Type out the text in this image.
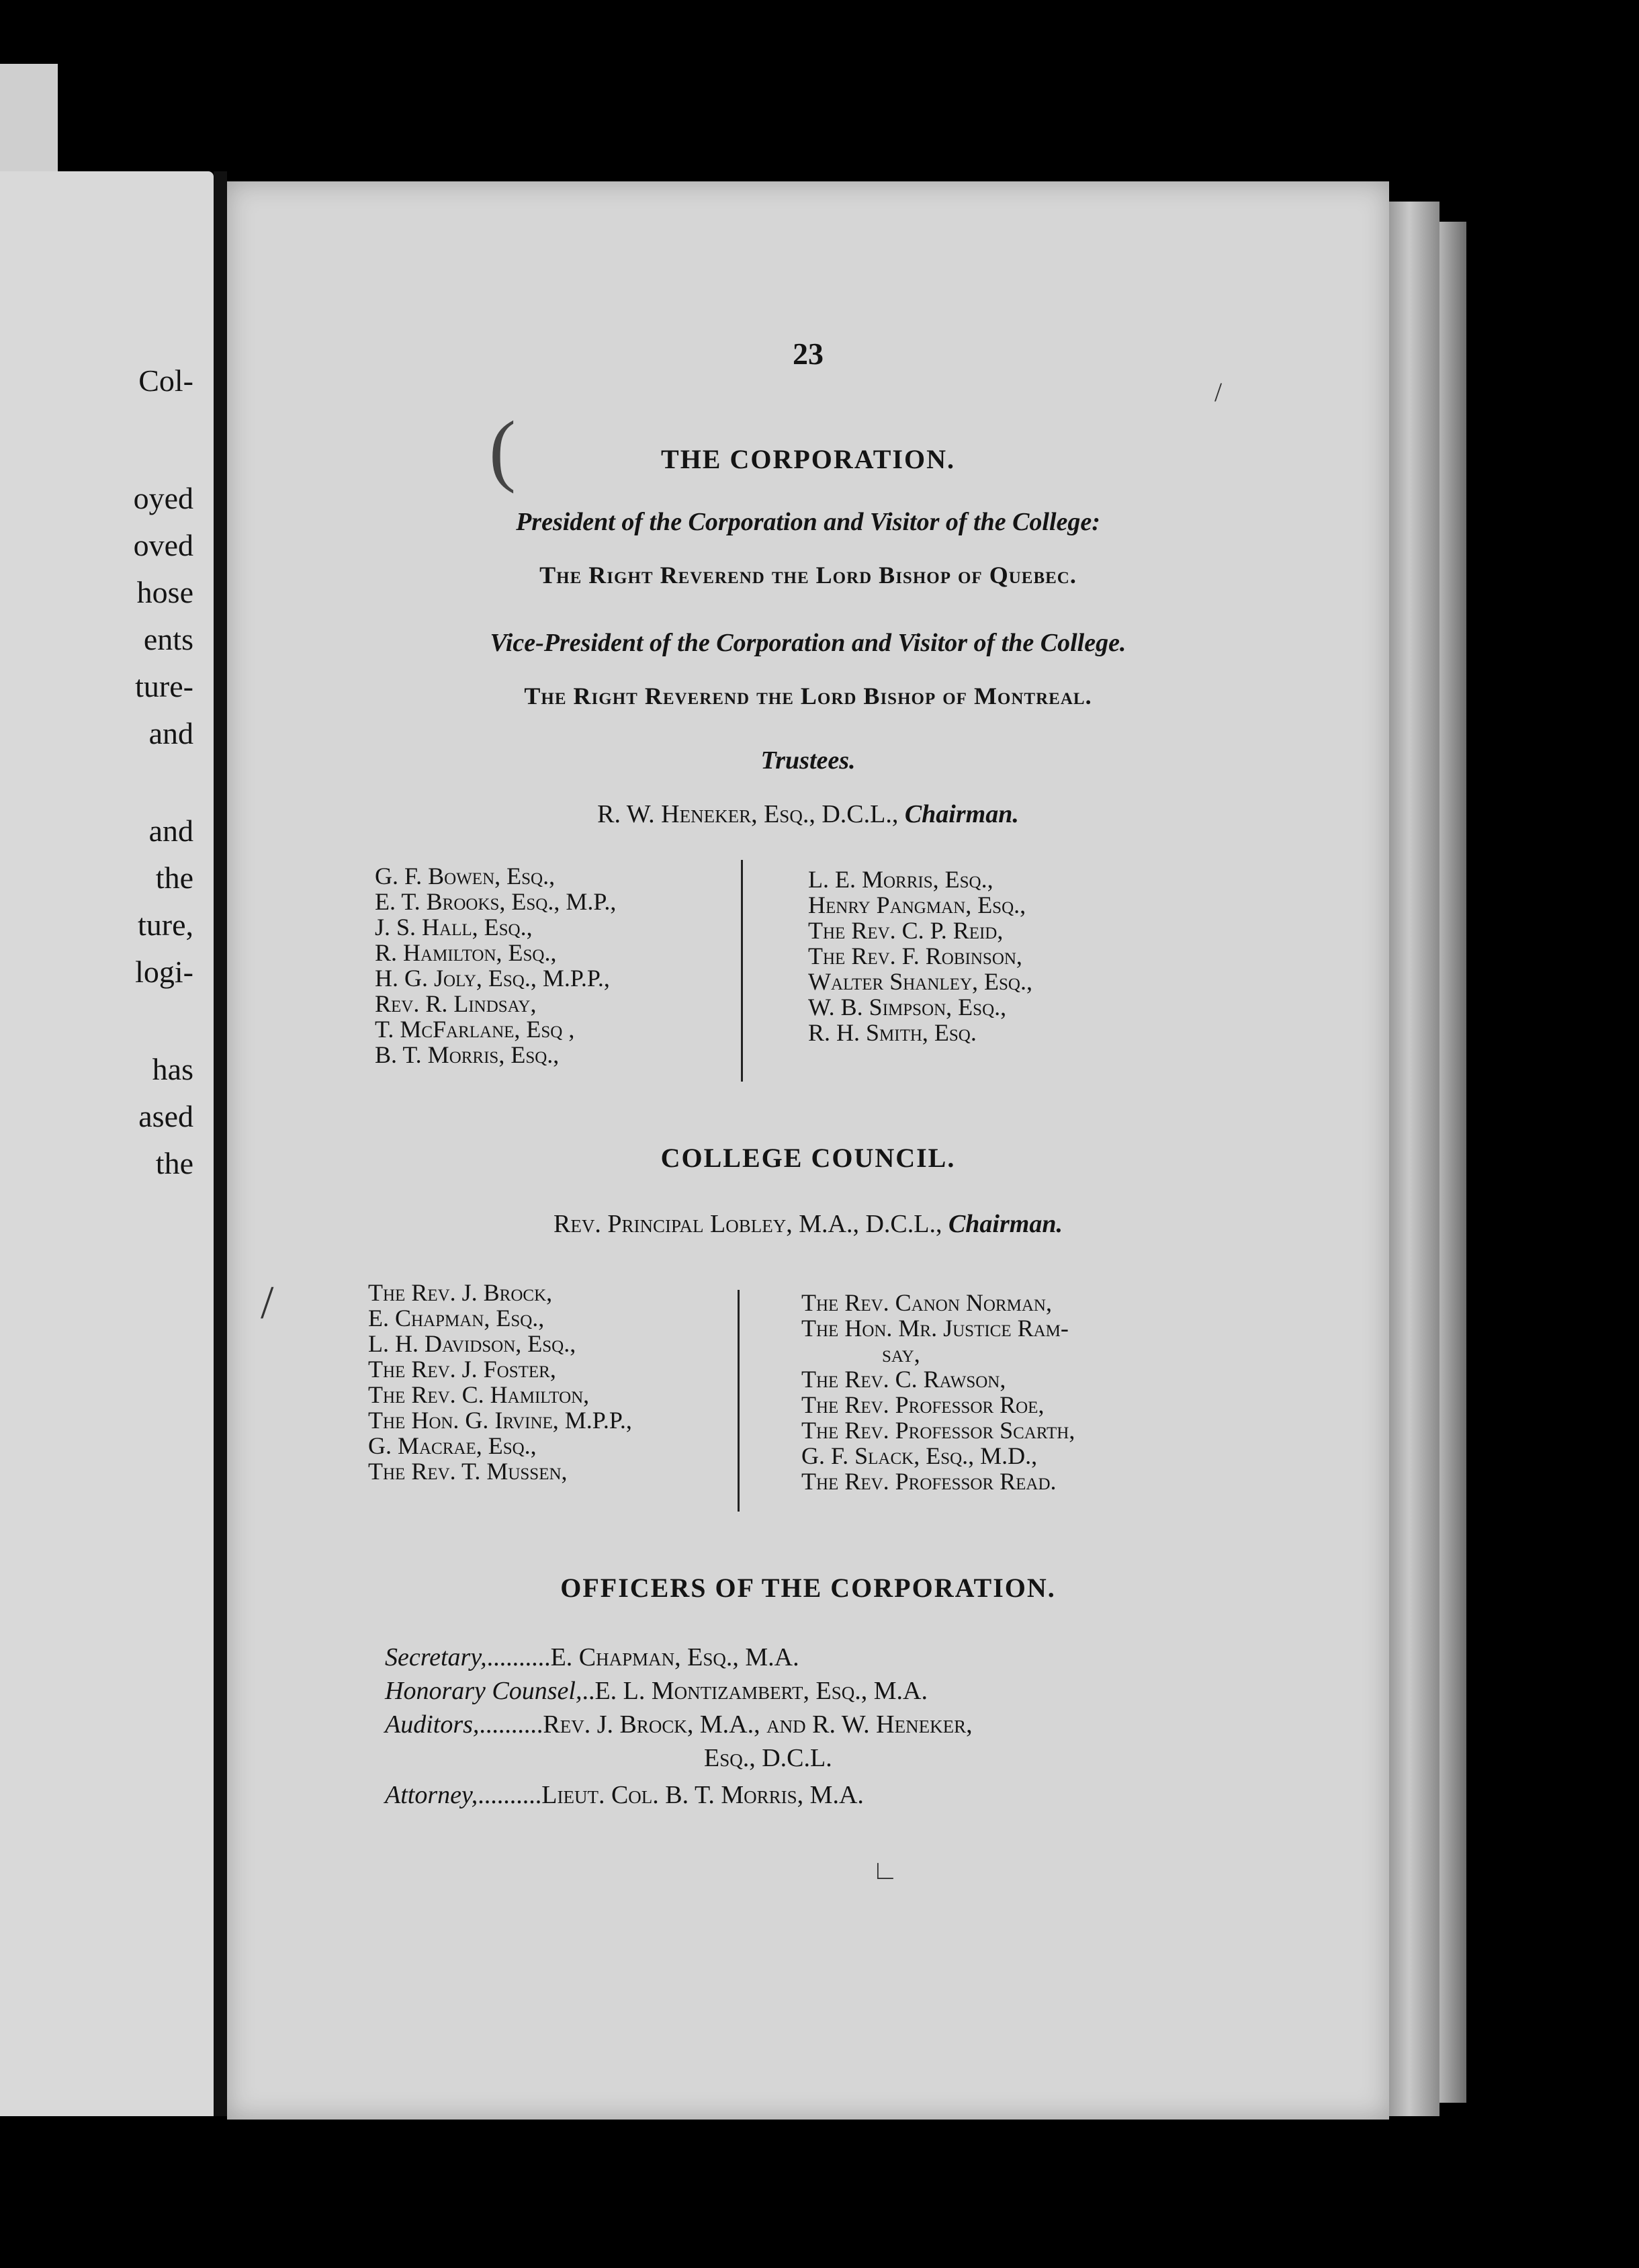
Col-
oyed
oved
hose
ents
ture-
and
and
the
ture,
logi-
has
ased
the
23
THE CORPORATION.
President of the Corporation and Visitor of the College:
The Right Reverend the Lord Bishop of Quebec.
Vice-President of the Corporation and Visitor of the College.
The Right Reverend the Lord Bishop of Montreal.
Trustees.
R. W. Heneker, Esq., D.C.L., Chairman.
G. F. Bowen, Esq.,
E. T. Brooks, Esq., M.P.,
J. S. Hall, Esq.,
R. Hamilton, Esq.,
H. G. Joly, Esq., M.P.P.,
Rev. R. Lindsay,
T. McFarlane, Esq ,
B. T. Morris, Esq.,
L. E. Morris, Esq.,
Henry Pangman, Esq.,
The Rev. C. P. Reid,
The Rev. F. Robinson,
Walter Shanley, Esq.,
W. B. Simpson, Esq.,
R. H. Smith, Esq.
COLLEGE COUNCIL.
Rev. Principal Lobley, M.A., D.C.L., Chairman.
The Rev. J. Brock,
E. Chapman, Esq.,
L. H. Davidson, Esq.,
The Rev. J. Foster,
The Rev. C. Hamilton,
The Hon. G. Irvine, M.P.P.,
G. Macrae, Esq.,
The Rev. T. Mussen,
The Rev. Canon Norman,
The Hon. Mr. Justice Ram-
say,
The Rev. C. Rawson,
The Rev. Professor Roe,
The Rev. Professor Scarth,
G. F. Slack, Esq., M.D.,
The Rev. Professor Read.
OFFICERS OF THE CORPORATION.
Secretary,..........E. Chapman, Esq., M.A.
Honorary Counsel,..E. L. Montizambert, Esq., M.A.
Auditors,..........Rev. J. Brock, M.A., and R. W. Heneker,
Esq., D.C.L.
Attorney,..........Lieut. Col. B. T. Morris, M.A.
(
/
/
∟
